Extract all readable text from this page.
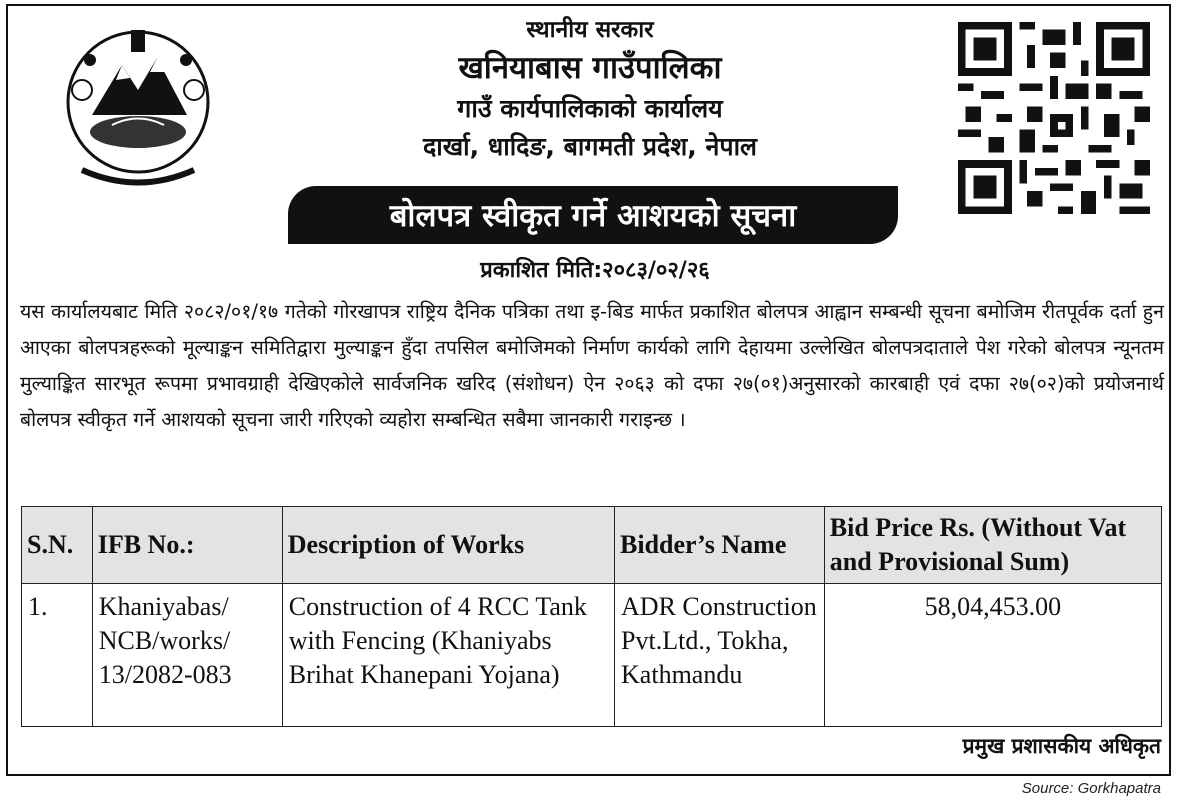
स्थानीय सरकार
खनियाबास गाउँपालिका
गाउँ कार्यपालिकाको कार्यालय
दार्खा, धादिङ, बागमती प्रदेश, नेपाल
बोलपत्र स्वीकृत गर्ने आशयको सूचना
प्रकाशित मिति:२०८३/०२/२६
यस कार्यालयबाट मिति २०८२/०१/१७ गतेको गोरखापत्र राष्ट्रिय दैनिक पत्रिका तथा इ-बिड मार्फत प्रकाशित बोलपत्र आह्वान सम्बन्धी सूचना बमोजिम रीतपूर्वक दर्ता हुन आएका बोलपत्रहरूको मूल्याङ्कन समितिद्वारा मुल्याङ्कन हुँदा तपसिल बमोजिमको निर्माण कार्यको लागि देहायमा उल्लेखित बोलपत्रदाताले पेश गरेको बोलपत्र न्यूनतम मुल्याङ्कित सारभूत रूपमा प्रभावग्राही देखिएकोले सार्वजनिक खरिद (संशोधन) ऐन २०६३ को दफा २७(०१)अनुसारको कारबाही एवं दफा २७(०२)को प्रयोजनार्थ बोलपत्र स्वीकृत गर्ने आशयको सूचना जारी गरिएको व्यहोरा सम्बन्धित सबैमा जानकारी गराइन्छ ।
S.N.	IFB No.:	Description of Works	Bidder’s Name	Bid Price Rs. (Without Vat and Provisional Sum)
1.	Khaniyabas/ NCB/works/ 13/2082-083	Construction of 4 RCC Tank with Fencing (Khaniyabs Brihat Khanepani Yojana)	ADR Construction Pvt.Ltd., Tokha, Kathmandu	58,04,453.00
प्रमुख प्रशासकीय अधिकृत
Source: Gorkhapatra
